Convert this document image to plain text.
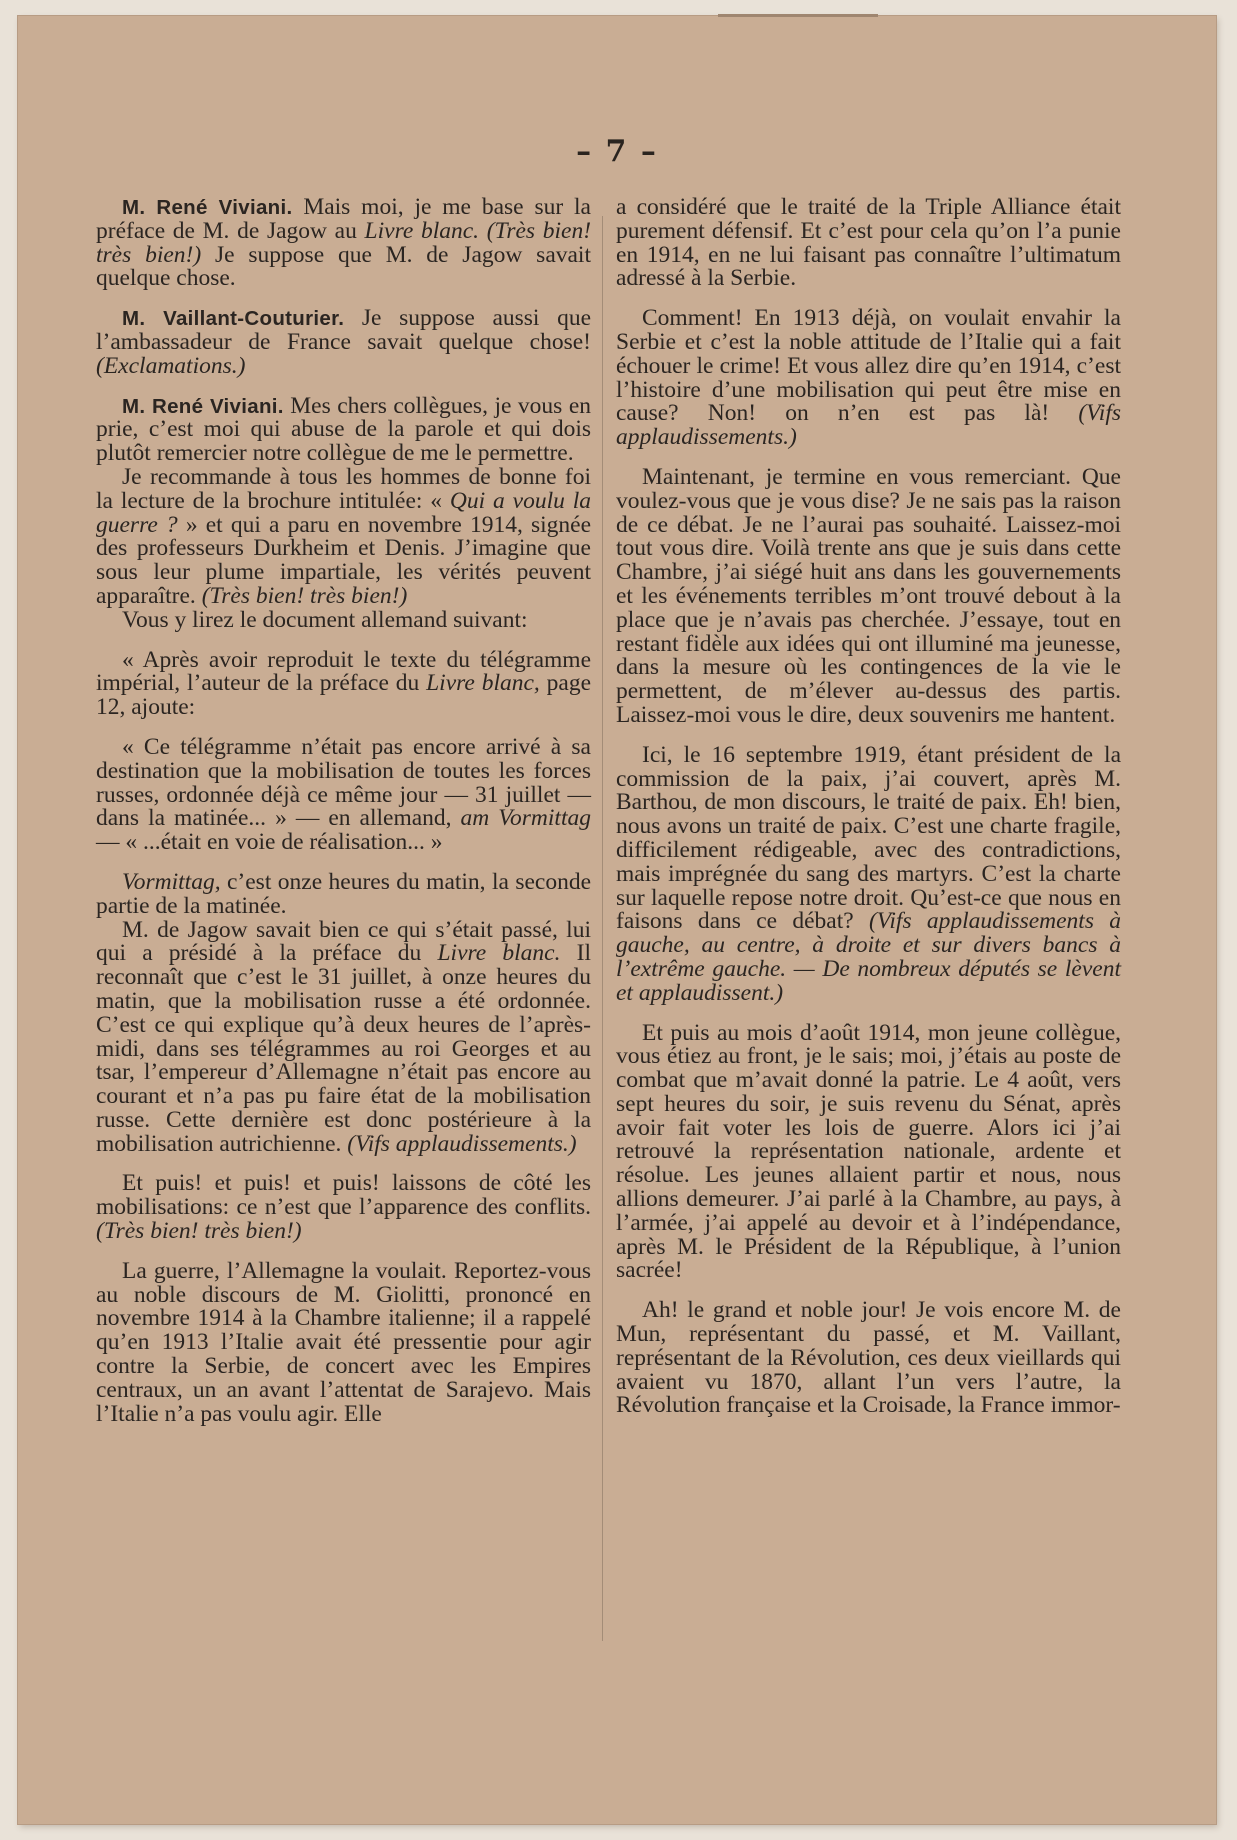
– 7 –

M. René Viviani. Mais moi, je me base sur la préface de M. de Jagow au Livre blanc. (Très bien! très bien!) Je suppose que M. de Jagow savait quelque chose.

M. Vaillant-Couturier. Je suppose aussi que l’ambassadeur de France savait quelque chose! (Exclamations.)

M. René Viviani. Mes chers collègues, je vous en prie, c’est moi qui abuse de la parole et qui dois plutôt remercier notre collègue de me le permettre.

Je recommande à tous les hommes de bonne foi la lecture de la brochure intitulée: « Qui a voulu la guerre ? » et qui a paru en novembre 1914, signée des professeurs Durkheim et Denis. J’imagine que sous leur plume impartiale, les vérités peuvent apparaître. (Très bien! très bien!)

Vous y lirez le document allemand suivant:

« Après avoir reproduit le texte du télégramme impérial, l’auteur de la préface du Livre blanc, page 12, ajoute:

« Ce télégramme n’était pas encore arrivé à sa destination que la mobilisation de toutes les forces russes, ordonnée déjà ce même jour — 31 juillet — dans la matinée... » — en allemand, am Vormittag — « ...était en voie de réalisation... »

Vormittag, c’est onze heures du matin, la seconde partie de la matinée.

M. de Jagow savait bien ce qui s’était passé, lui qui a présidé à la préface du Livre blanc. Il reconnaît que c’est le 31 juillet, à onze heures du matin, que la mobilisation russe a été ordonnée. C’est ce qui explique qu’à deux heures de l’après-midi, dans ses télégrammes au roi Georges et au tsar, l’empereur d’Allemagne n’était pas encore au courant et n’a pas pu faire état de la mobilisation russe. Cette dernière est donc postérieure à la mobilisation autrichienne. (Vifs applaudissements.)

Et puis! et puis! et puis! laissons de côté les mobilisations: ce n’est que l’apparence des conflits. (Très bien! très bien!)

La guerre, l’Allemagne la voulait. Reportez-vous au noble discours de M. Giolitti, prononcé en novembre 1914 à la Chambre italienne; il a rappelé qu’en 1913 l’Italie avait été pressentie pour agir contre la Serbie, de concert avec les Empires centraux, un an avant l’attentat de Sarajevo. Mais l’Italie n’a pas voulu agir. Elle

a considéré que le traité de la Triple Alliance était purement défensif. Et c’est pour cela qu’on l’a punie en 1914, en ne lui faisant pas connaître l’ultimatum adressé à la Serbie.

Comment! En 1913 déjà, on voulait envahir la Serbie et c’est la noble attitude de l’Italie qui a fait échouer le crime! Et vous allez dire qu’en 1914, c’est l’histoire d’une mobilisation qui peut être mise en cause? Non! on n’en est pas là! (Vifs applaudissements.)

Maintenant, je termine en vous remerciant. Que voulez-vous que je vous dise? Je ne sais pas la raison de ce débat. Je ne l’aurai pas souhaité. Laissez-moi tout vous dire. Voilà trente ans que je suis dans cette Chambre, j’ai siégé huit ans dans les gouvernements et les événements terribles m’ont trouvé debout à la place que je n’avais pas cherchée. J’essaye, tout en restant fidèle aux idées qui ont illuminé ma jeunesse, dans la mesure où les contingences de la vie le permettent, de m’élever au-dessus des partis. Laissez-moi vous le dire, deux souvenirs me hantent.

Ici, le 16 septembre 1919, étant président de la commission de la paix, j’ai couvert, après M. Barthou, de mon discours, le traité de paix. Eh! bien, nous avons un traité de paix. C’est une charte fragile, difficilement rédigeable, avec des contradictions, mais imprégnée du sang des martyrs. C’est la charte sur laquelle repose notre droit. Qu’est-ce que nous en faisons dans ce débat? (Vifs applaudissements à gauche, au centre, à droite et sur divers bancs à l’extrême gauche. — De nombreux députés se lèvent et applaudissent.)

Et puis au mois d’août 1914, mon jeune collègue, vous étiez au front, je le sais; moi, j’étais au poste de combat que m’avait donné la patrie. Le 4 août, vers sept heures du soir, je suis revenu du Sénat, après avoir fait voter les lois de guerre. Alors ici j’ai retrouvé la représentation nationale, ardente et résolue. Les jeunes allaient partir et nous, nous allions demeurer. J’ai parlé à la Chambre, au pays, à l’armée, j’ai appelé au devoir et à l’indépendance, après M. le Président de la République, à l’union sacrée!

Ah! le grand et noble jour! Je vois encore M. de Mun, représentant du passé, et M. Vaillant, représentant de la Révolution, ces deux vieillards qui avaient vu 1870, allant l’un vers l’autre, la Révolution française et la Croisade, la France immor-
